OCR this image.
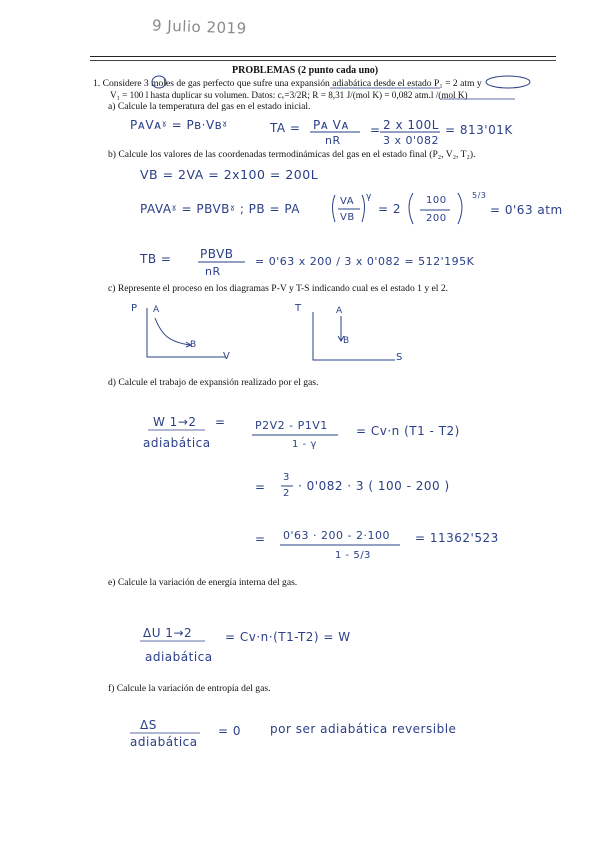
9 Julio 2019
PROBLEMAS (2 punto cada uno)
1. Considere 3 moles de gas perfecto que sufre una expansión adiabática desde el estado P₁ = 2 atm y
V₁ = 100 l hasta duplicar su volumen. Datos: cᵥ=3/2R; R = 8,31 J/(mol K) = 0,082 atm.l /(mol K)
a) Calcule la temperatura del gas en el estado inicial.
PᴀVᴀˠ = Pʙ·Vʙˠ	TA = Pᴀ Vᴀ
nR
= 2 x 100L
3 x 0'082
= 813'01K
b) Calcule los valores de las coordenadas termodinámicas del gas en el estado final (P₂, V₂, T₂).
VB = 2VA = 2x100 = 200L
PAVAˠ = PBVBˠ ; PB = PA
VA
VB
γ
= 2
100
200
5/3
= 0'63 atm
TB = PBVB
nR
= 0'63 x 200 / 3 x 0'082 = 512'195K
c) Represente el proceso en los diagramas P-V y T-S indicando cual es el estado 1 y el 2.
P A
B
V
T	A
B
S
d) Calcule el trabajo de expansión realizado por el gas.
W 1→2 =
adiabática
P2V2 - P1V1
1 - γ
= Cv·n (T1 - T2)
=
3
2
· 0'082 · 3 ( 100 - 200 )
= 0'63 · 200 - 2·100
1 - 5/3
= 11362'523
e) Calcule la variación de energía interna del gas.
ΔU 1→2	= Cv·n·(T1-T2) = W
adiabática
f) Calcule la variación de entropía del gas.
ΔS
adiabática
= 0 por ser adiabática reversible
